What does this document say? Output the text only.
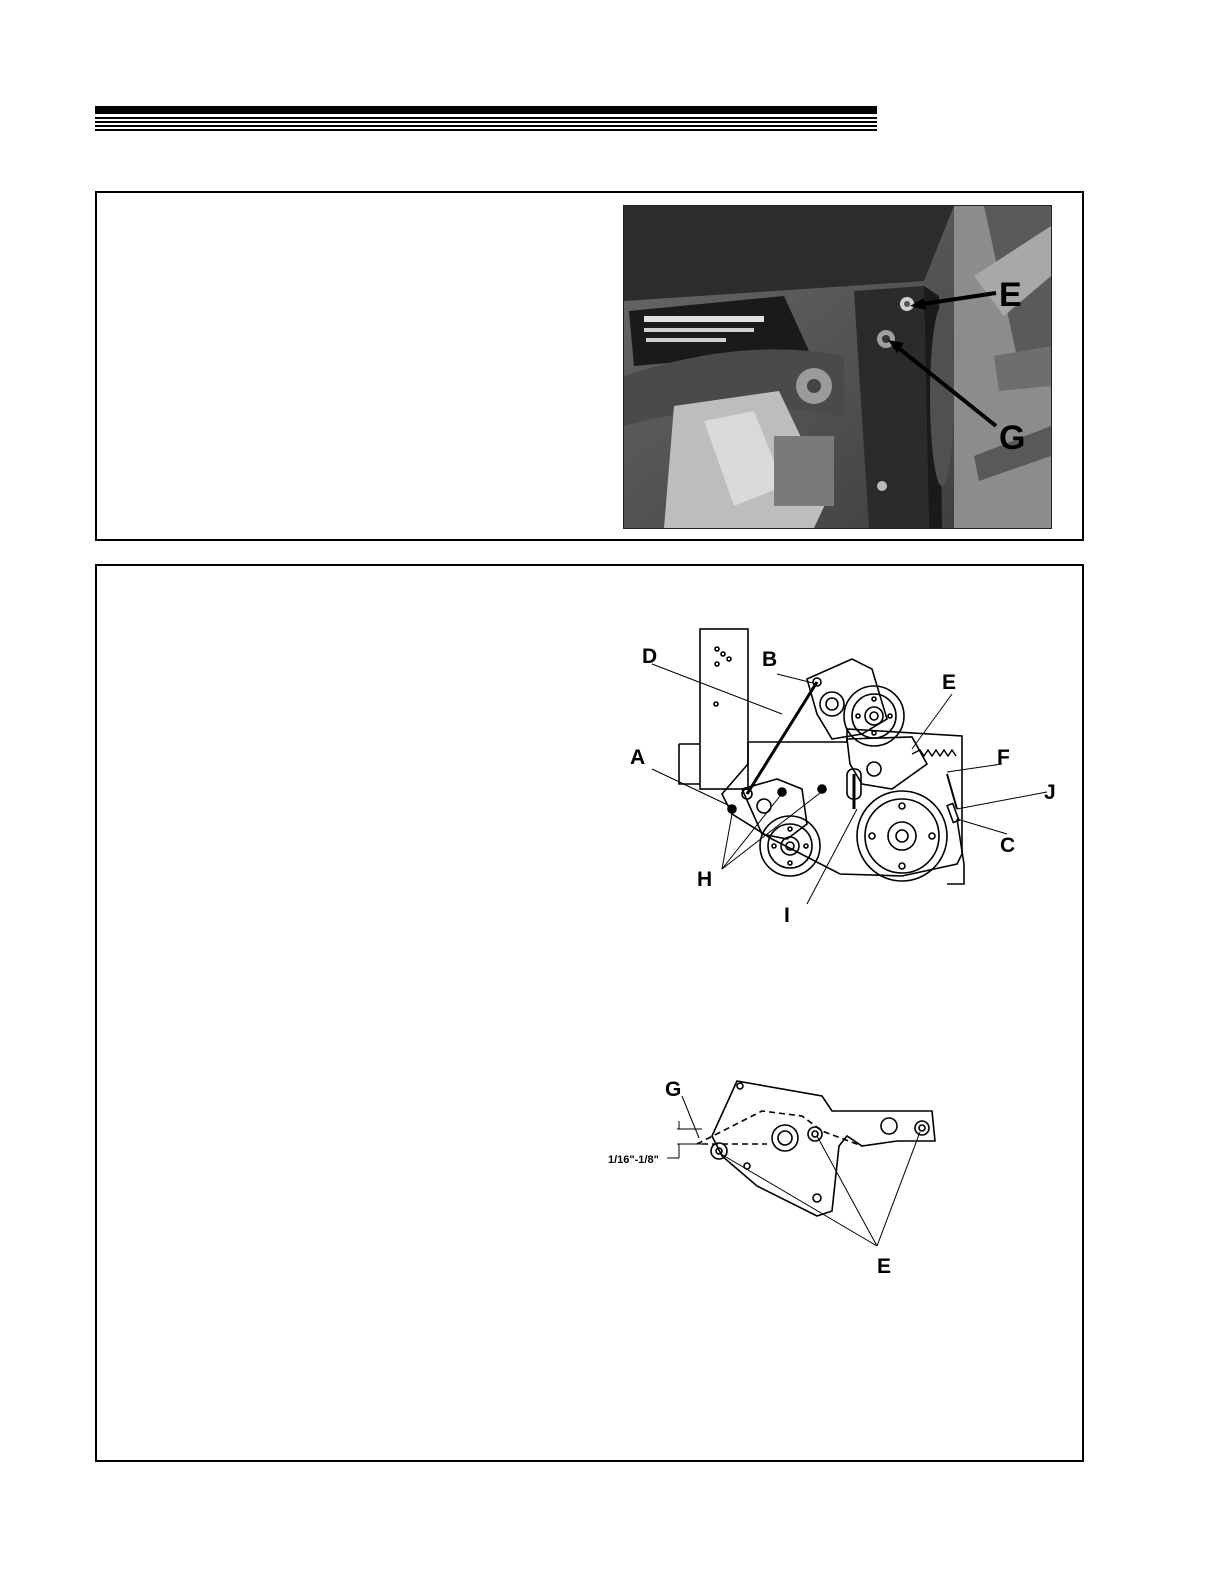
E
G
D	B
E
A	F
J
C
H
I
G
E
1/16"-1/8"
